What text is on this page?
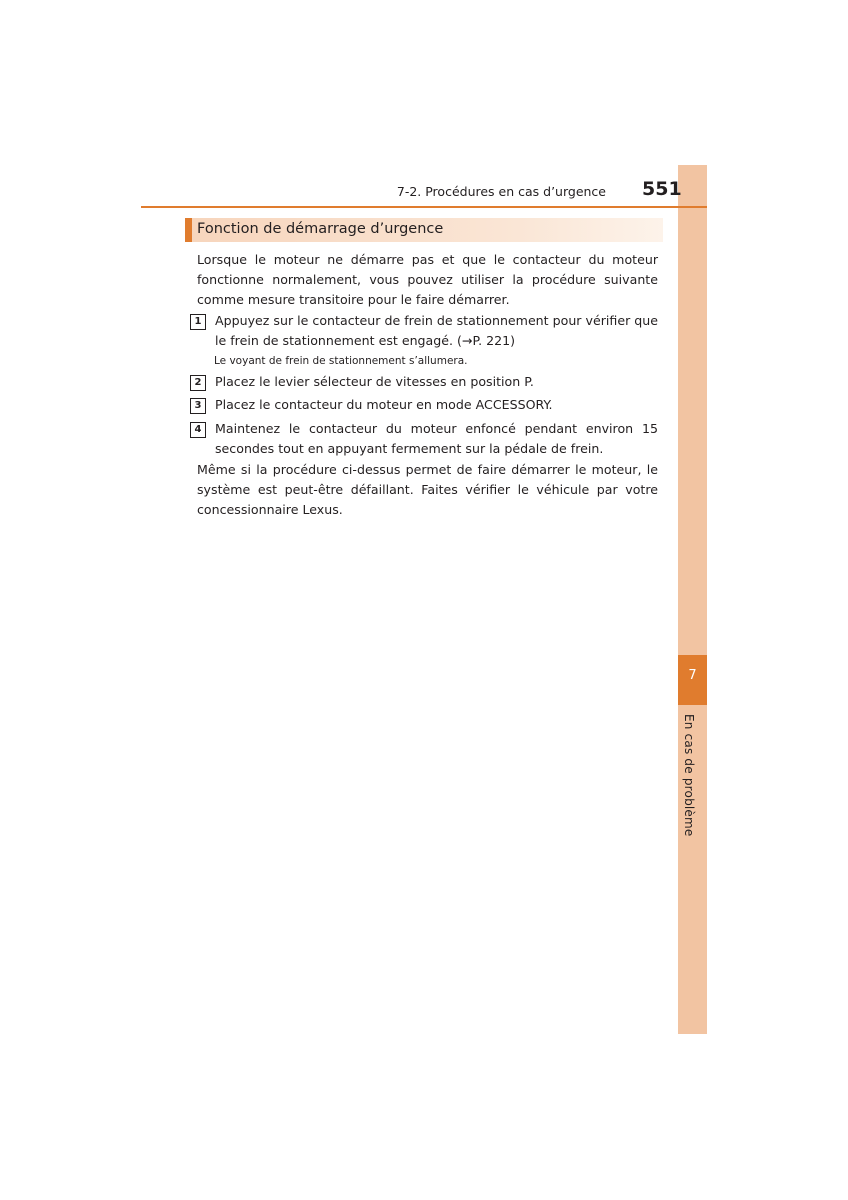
7
En cas de problème
7-2. Procédures en cas d’urgence 551
Fonction de démarrage d’urgence

Lorsque le moteur ne démarre pas et que le contacteur du moteur fonctionne normalement, vous pouvez utiliser la procédure suivante comme mesure transitoire pour le faire démarrer.

1	Appuyez sur le contacteur de frein de stationnement pour vérifier que le frein de stationnement est engagé. (→P. 221)
Le voyant de frein de stationnement s’allumera.
2	Placez le levier sélecteur de vitesses en position P.
3	Placez le contacteur du moteur en mode ACCESSORY.
4	Maintenez le contacteur du moteur enfoncé pendant environ 15 secondes tout en appuyant fermement sur la pédale de frein.

Même si la procédure ci-dessus permet de faire démarrer le moteur, le système est peut-être défaillant. Faites vérifier le véhicule par votre concessionnaire Lexus.
